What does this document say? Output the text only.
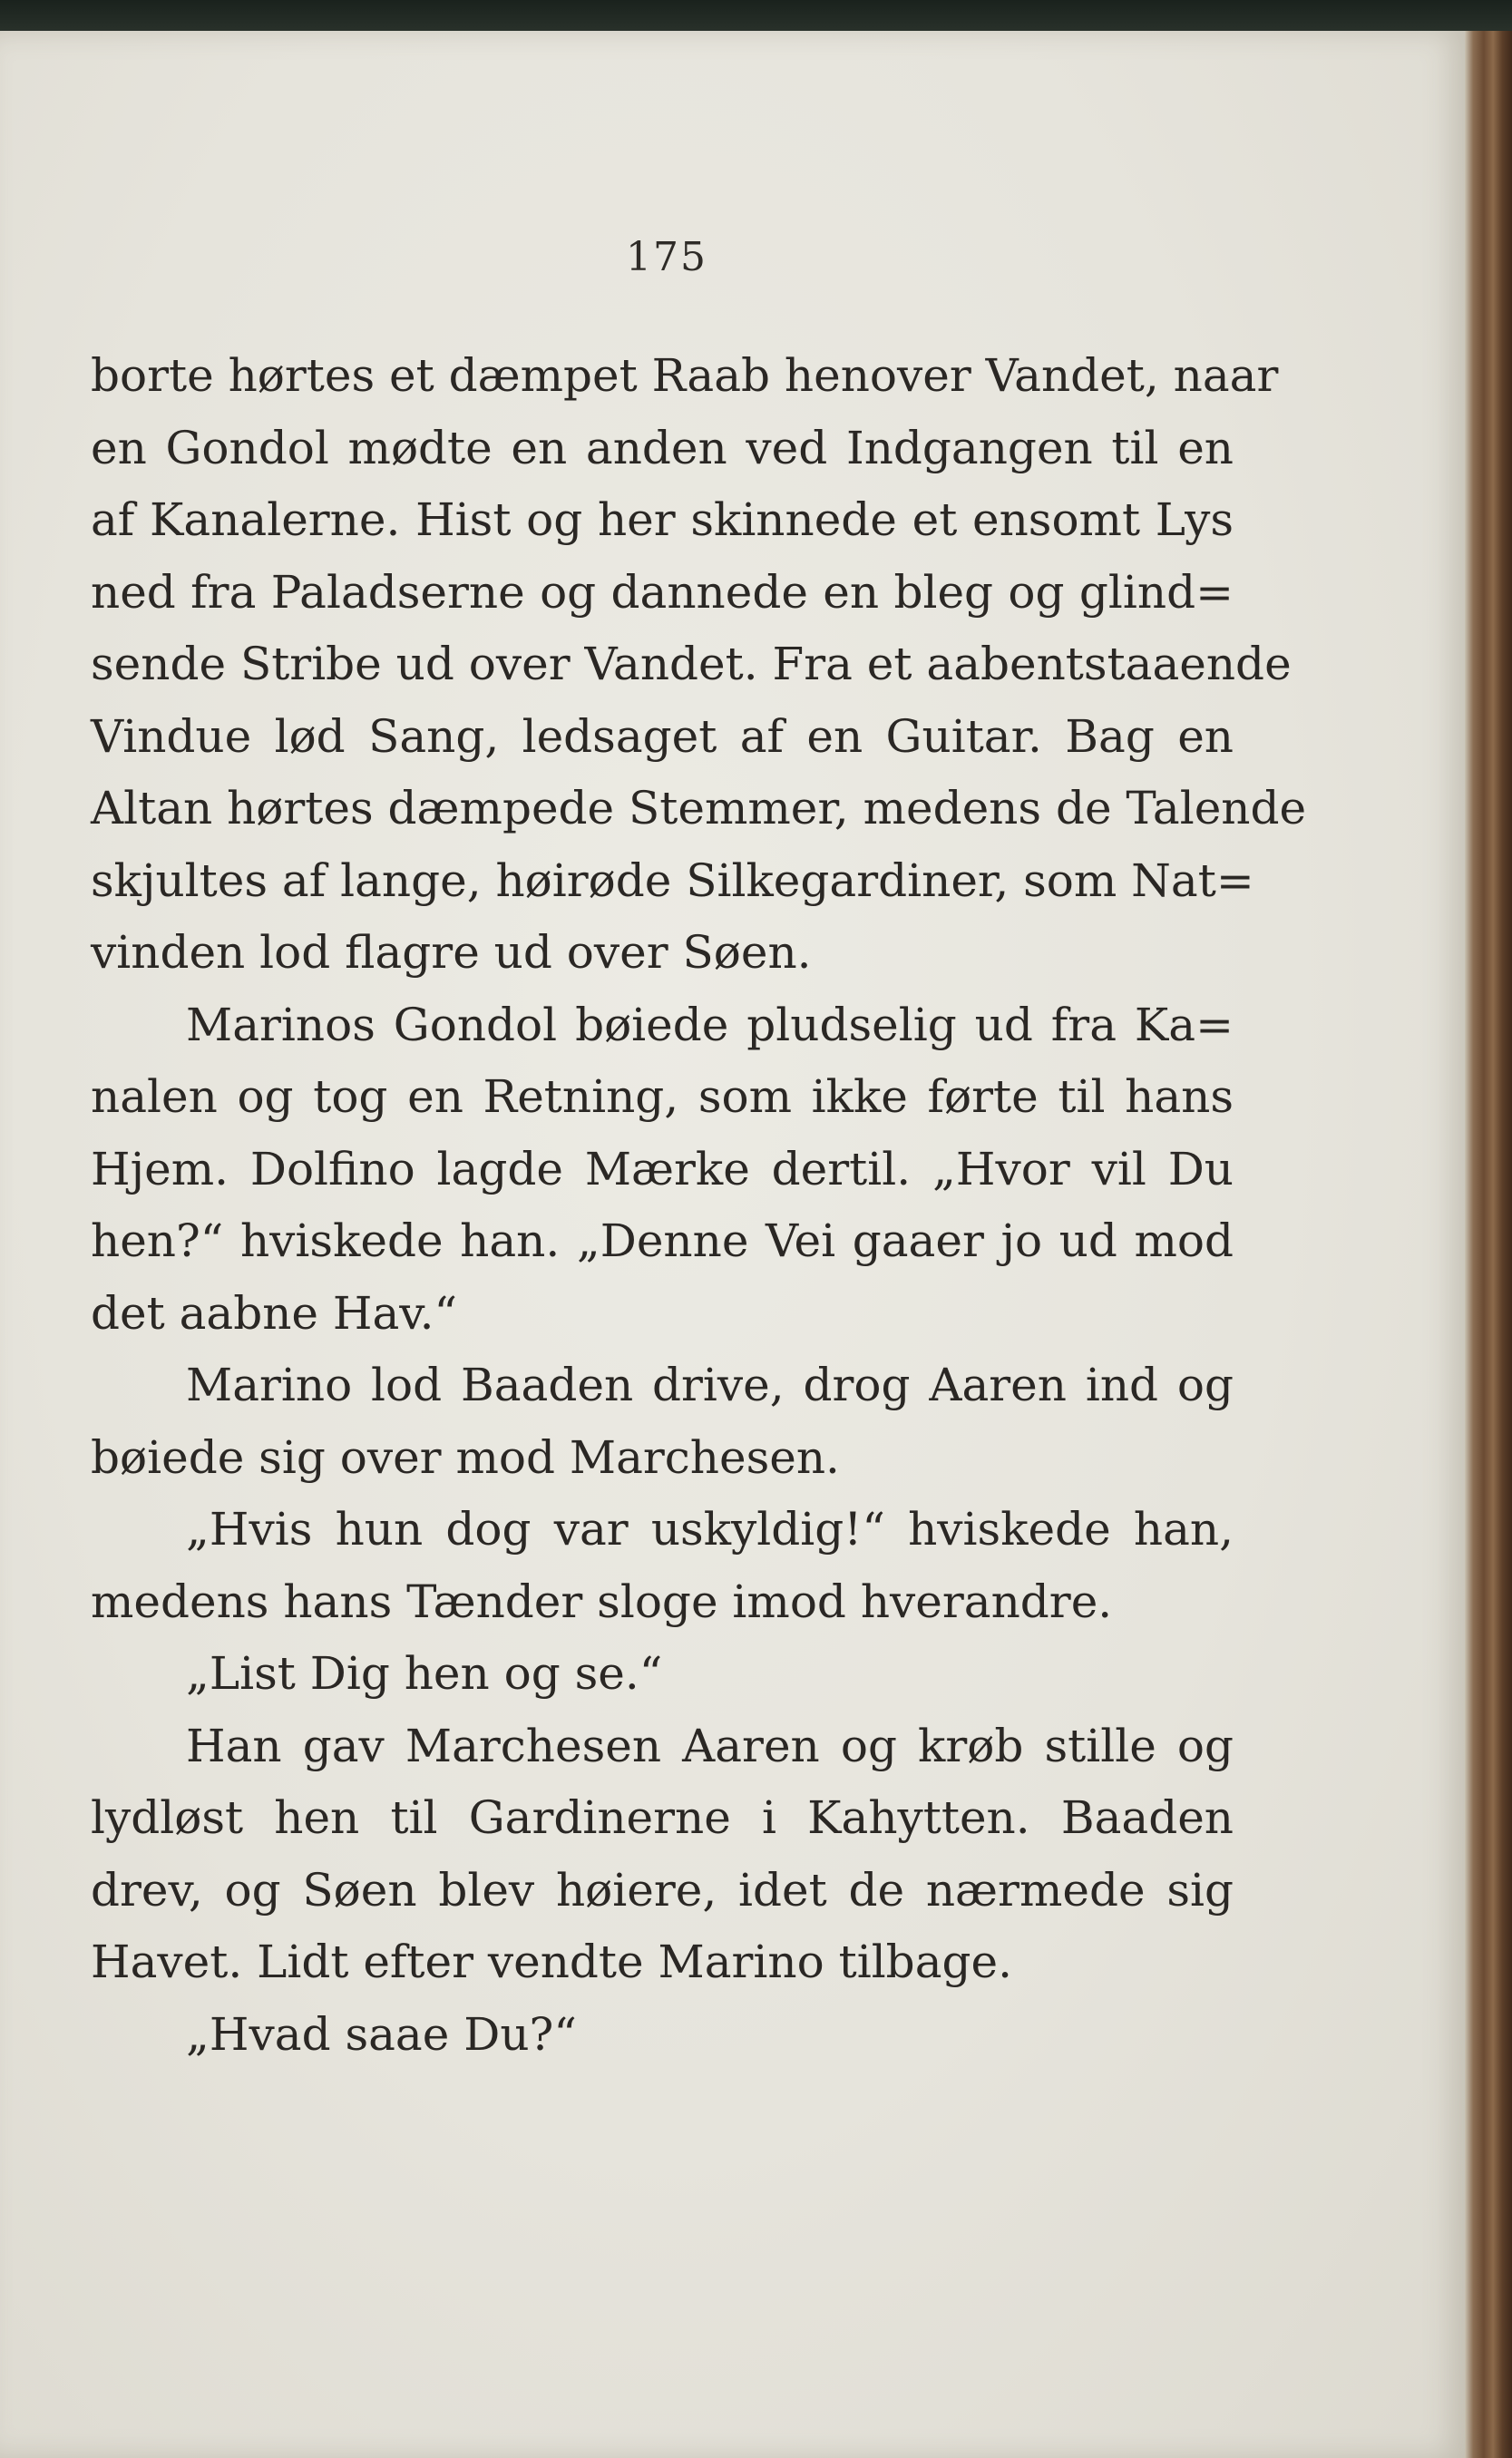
175
borte hørtes et dæmpet Raab henover Vandet, naar
en Gondol mødte en anden ved Indgangen til en
af Kanalerne. Hist og her skinnede et ensomt Lys
ned fra Paladserne og dannede en bleg og glind=
sende Stribe ud over Vandet. Fra et aabentstaaende
Vindue lød Sang, ledsaget af en Guitar. Bag en
Altan hørtes dæmpede Stemmer, medens de Talende
skjultes af lange, høirøde Silkegardiner, som Nat=
vinden lod flagre ud over Søen.
Marinos Gondol bøiede pludselig ud fra Ka=
nalen og tog en Retning, som ikke førte til hans
Hjem. Dolfino lagde Mærke dertil. „Hvor vil Du
hen?“ hviskede han. „Denne Vei gaaer jo ud mod
det aabne Hav.“
Marino lod Baaden drive, drog Aaren ind og
bøiede sig over mod Marchesen.
„Hvis hun dog var uskyldig!“ hviskede han,
medens hans Tænder sloge imod hverandre.
„List Dig hen og se.“
Han gav Marchesen Aaren og krøb stille og
lydløst hen til Gardinerne i Kahytten. Baaden
drev, og Søen blev høiere, idet de nærmede sig
Havet. Lidt efter vendte Marino tilbage.
„Hvad saae Du?“
